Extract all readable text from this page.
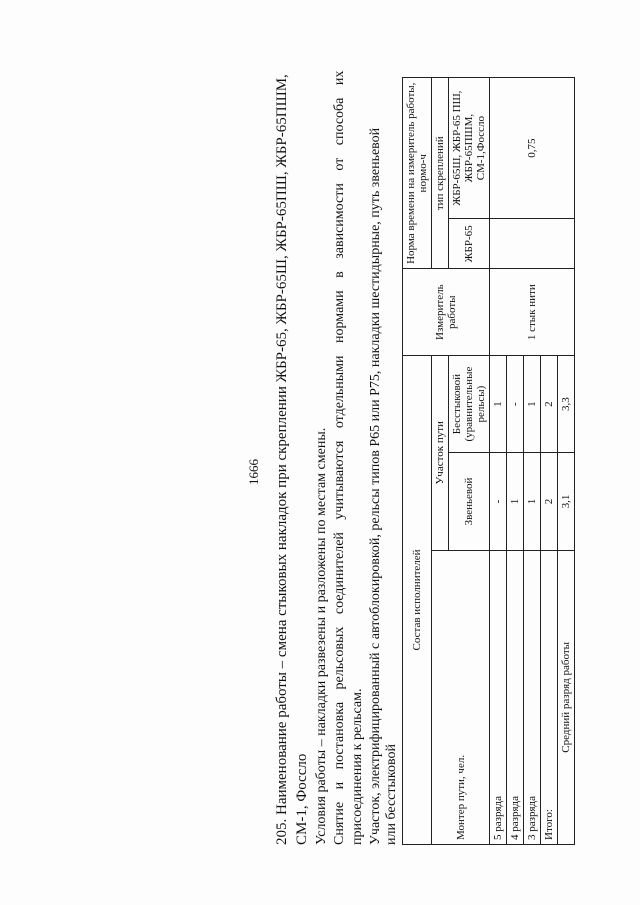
1666 205. Наименование работы – смена стыковых накладок при скреплении ЖБР-65, ЖБР-65Ш, ЖБР-65ПШ, ЖБР-65ПШМ, СМ-1, Фоссло Условия работы – накладки развезены и разложены по местам смены. Снятие и постановка рельсовых соединителей учитываются отдельными нормами в зависимости от способа их присоединения к рельсам. Участок, электрифицированный с автоблокировкой, рельсы типов Р65 или Р75, накладки шестидырные, путь звеньевой или бесстыковой
Состав исполнителей			Измеритель работы	Норма времени на измеритель работы, нормо-ч	
Монтер пути, чел.	Участок пути			тип скреплений	
	Звеньевой	Бесстыковой (уравнительные рельсы)		ЖБР-65	ЖБР-65Ш, ЖБР-65 ПШ, ЖБР-65ПШМ, СМ-1,Фоссло
5 разряда	-	1	1 стык нити		0,75
4 разряда	1	-			
3 разряда	1	1			
Итого:	2	2			
Средний разряд работы	3,1	3,3			
